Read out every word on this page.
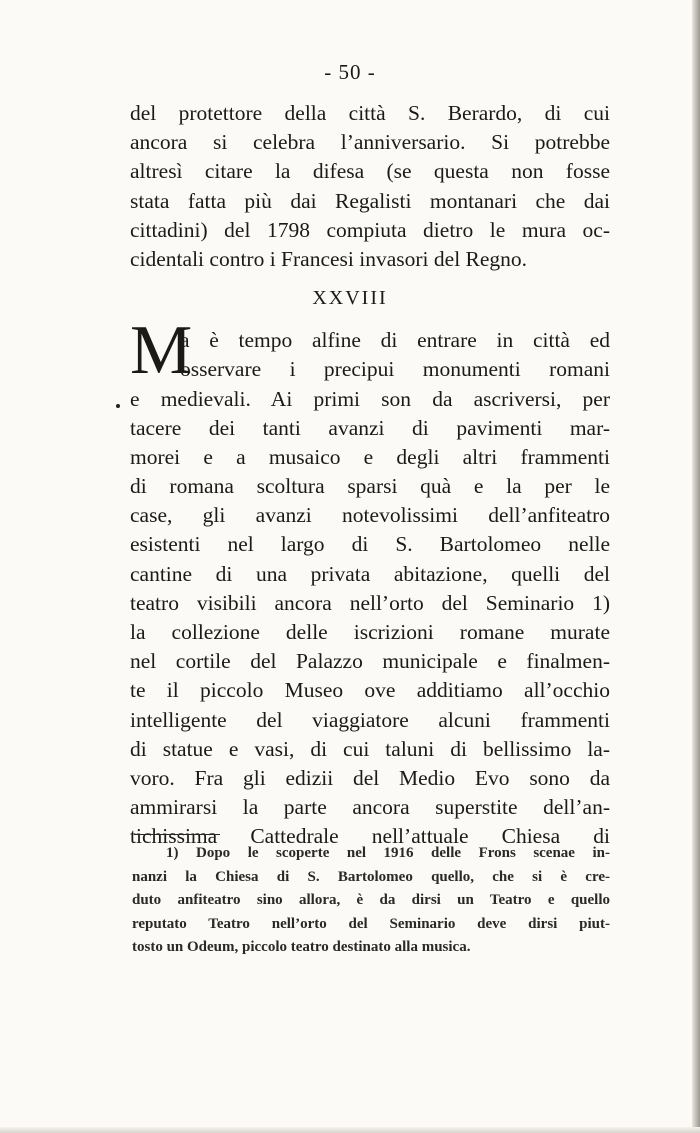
- 50 -
del protettore della città S. Berardo, di cui
ancora si celebra l’anniversario. Si potrebbe
altresì citare la difesa (se questa non fosse
stata fatta più dai Regalisti montanari che dai
cittadini) del 1798 compiuta dietro le mura oc-
cidentali contro i Francesi invasori del Regno.
XXVIII
M
a è tempo alfine di entrare in città ed
osservare i precipui monumenti romani
e medievali. Ai primi son da ascriversi, per
tacere dei tanti avanzi di pavimenti mar-
morei e a musaico e degli altri frammenti
di romana scoltura sparsi quà e la per le
case, gli avanzi notevolissimi dell’anfiteatro
esistenti nel largo di S. Bartolomeo nelle
cantine di una privata abitazione, quelli del
teatro visibili ancora nell’orto del Seminario 1)
la collezione delle iscrizioni romane murate
nel cortile del Palazzo municipale e finalmen-
te il piccolo Museo ove additiamo all’occhio
intelligente del viaggiatore alcuni frammenti
di statue e vasi, di cui taluni di bellissimo la-
voro. Fra gli edizii del Medio Evo sono da
ammirarsi la parte ancora superstite dell’an-
tichissima Cattedrale nell’attuale Chiesa di
1) Dopo le scoperte nel 1916 delle Frons scenae in-
nanzi la Chiesa di S. Bartolomeo quello, che si è cre-
duto anfiteatro sino allora, è da dirsi un Teatro e quello
reputato Teatro nell’orto del Seminario deve dirsi piut-
tosto un Odeum, piccolo teatro destinato alla musica.
